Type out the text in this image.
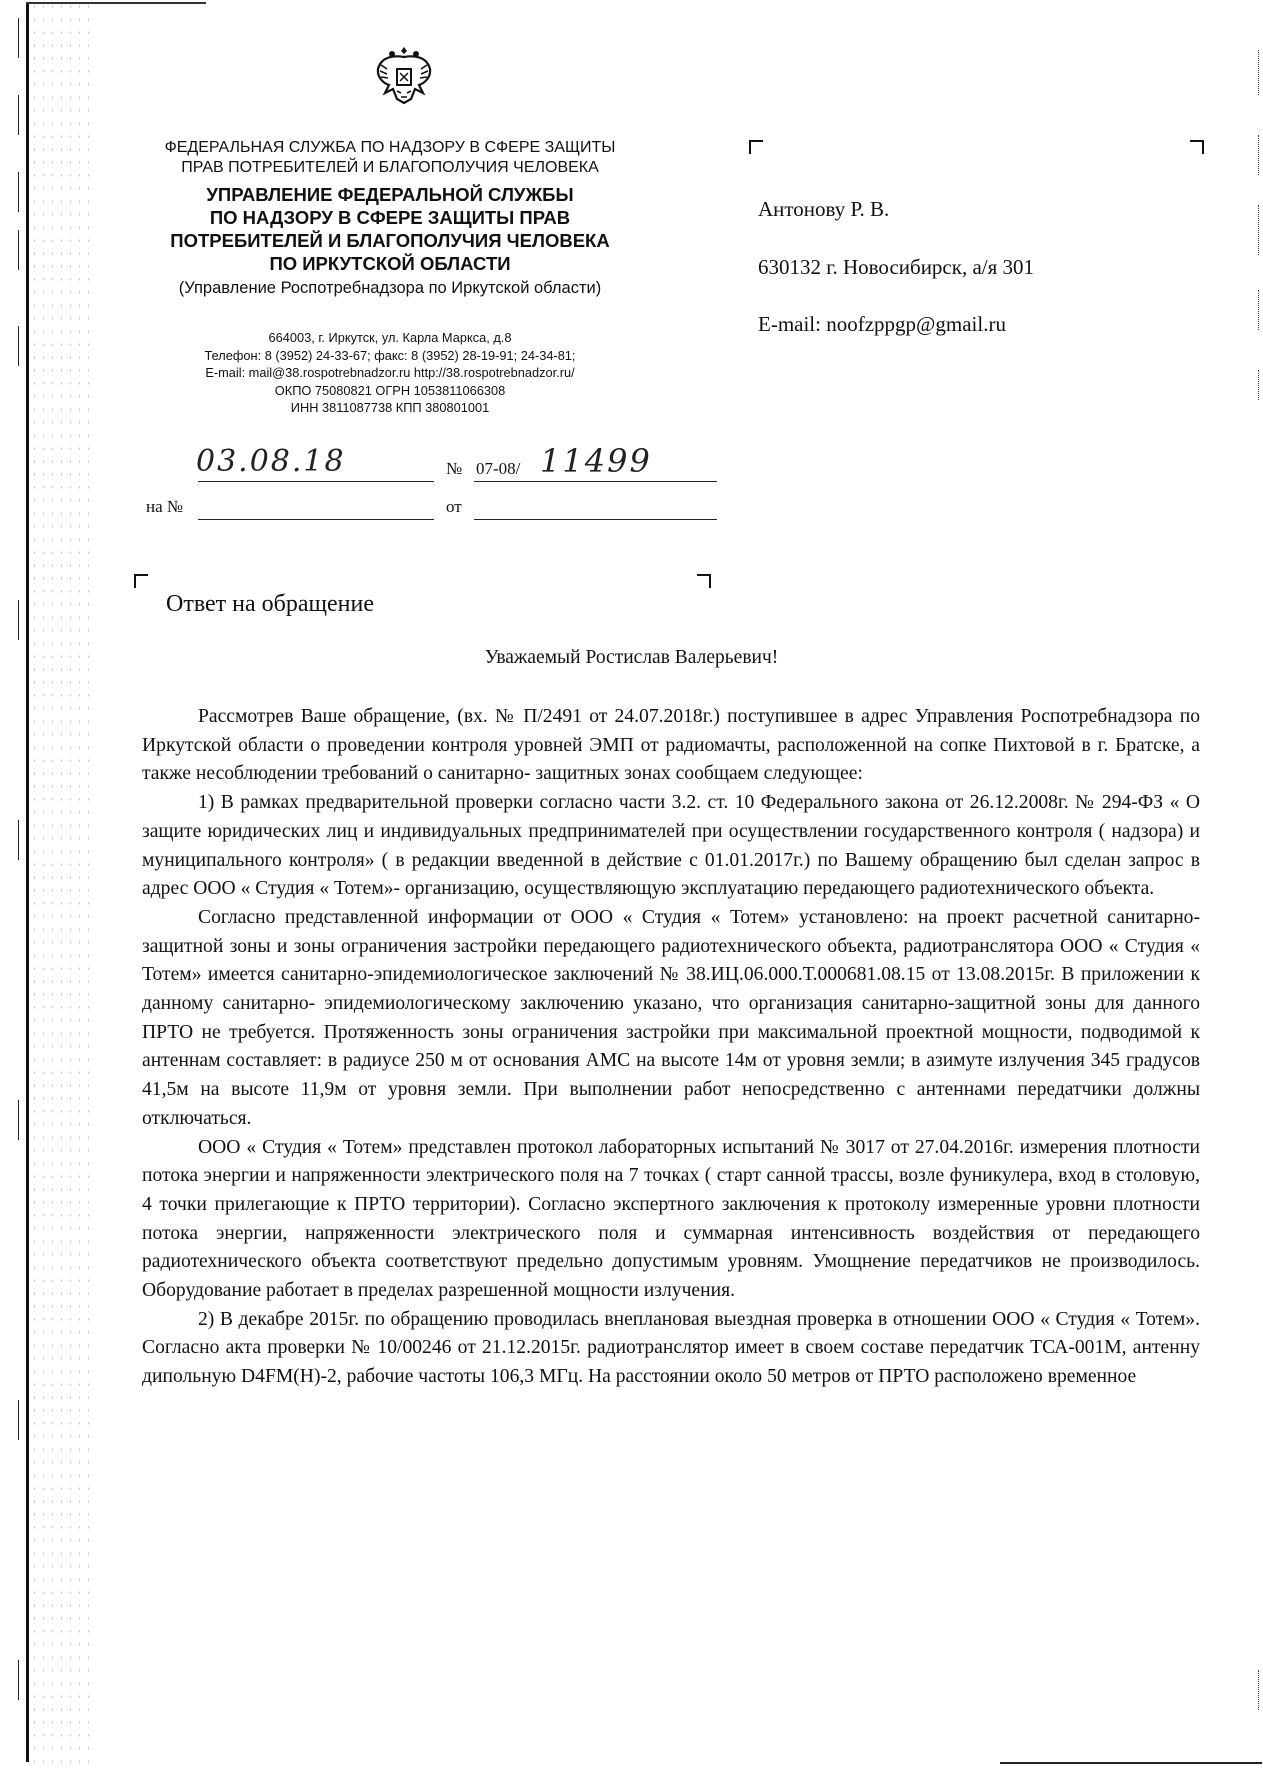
ФЕДЕРАЛЬНАЯ СЛУЖБА ПО НАДЗОРУ В СФЕРЕ ЗАЩИТЫ
ПРАВ ПОТРЕБИТЕЛЕЙ И БЛАГОПОЛУЧИЯ ЧЕЛОВЕКА
УПРАВЛЕНИЕ ФЕДЕРАЛЬНОЙ СЛУЖБЫ
ПО НАДЗОРУ В СФЕРЕ ЗАЩИТЫ ПРАВ
ПОТРЕБИТЕЛЕЙ И БЛАГОПОЛУЧИЯ ЧЕЛОВЕКА
ПО ИРКУТСКОЙ ОБЛАСТИ
(Управление Роспотребнадзора по Иркутской области)
664003, г. Иркутск, ул. Карла Маркса, д.8
Телефон: 8 (3952) 24-33-67; факс: 8 (3952) 28-19-91; 24-34-81;
E-mail: mail@38.rospotrebnadzor.ru http://38.rospotrebnadzor.ru/
ОКПО 75080821 ОГРН 1053811066308
ИНН 3811087738 КПП 380801001
03.08.18	№ 07-08/ 11499
на №	от
Антонову Р. В.
630132 г. Новосибирск, а/я 301
E-mail: noofzppgp@gmail.ru
Ответ на обращение
Уважаемый Ростислав Валерьевич!

Рассмотрев Ваше обращение, (вх. № П/2491 от 24.07.2018г.) поступившее в адрес Управления Роспотребнадзора по Иркутской области о проведении контроля уровней ЭМП от радиомачты, расположенной на сопке Пихтовой в г. Братске, а также несоблюдении требований о санитарно- защитных зонах сообщаем следующее:

1) В рамках предварительной проверки согласно части 3.2. ст. 10 Федерального закона от 26.12.2008г. № 294-ФЗ « О защите юридических лиц и индивидуальных предпринимателей при осуществлении государственного контроля ( надзора) и муниципального контроля» ( в редакции введенной в действие с 01.01.2017г.) по Вашему обращению был сделан запрос в адрес ООО « Студия « Тотем»- организацию, осуществляющую эксплуатацию передающего радиотехнического объекта.

Согласно представленной информации от ООО « Студия « Тотем» установлено: на проект расчетной санитарно- защитной зоны и зоны ограничения застройки передающего радиотехнического объекта, радиотранслятора ООО « Студия « Тотем» имеется санитарно-эпидемиологическое заключений № 38.ИЦ.06.000.Т.000681.08.15 от 13.08.2015г. В приложении к данному санитарно- эпидемиологическому заключению указано, что организация санитарно-защитной зоны для данного ПРТО не требуется. Протяженность зоны ограничения застройки при максимальной проектной мощности, подводимой к антеннам составляет: в радиусе 250 м от основания АМС на высоте 14м от уровня земли; в азимуте излучения 345 градусов 41,5м на высоте 11,9м от уровня земли. При выполнении работ непосредственно с антеннами передатчики должны отключаться.

ООО « Студия « Тотем» представлен протокол лабораторных испытаний № 3017 от 27.04.2016г. измерения плотности потока энергии и напряженности электрического поля на 7 точках ( старт санной трассы, возле фуникулера, вход в столовую, 4 точки прилегающие к ПРТО территории). Согласно экспертного заключения к протоколу измеренные уровни плотности потока энергии, напряженности электрического поля и суммарная интенсивность воздействия от передающего радиотехнического объекта соответствуют предельно допустимым уровням. Умощнение передатчиков не производилось. Оборудование работает в пределах разрешенной мощности излучения.

2) В декабре 2015г. по обращению проводилась внеплановая выездная проверка в отношении ООО « Студия « Тотем». Согласно акта проверки № 10/00246 от 21.12.2015г. радиотранслятор имеет в своем составе передатчик ТСА-001М, антенну дипольную D4FM(H)-2, рабочие частоты 106,3 МГц. На расстоянии около 50 метров от ПРТО расположено временное
